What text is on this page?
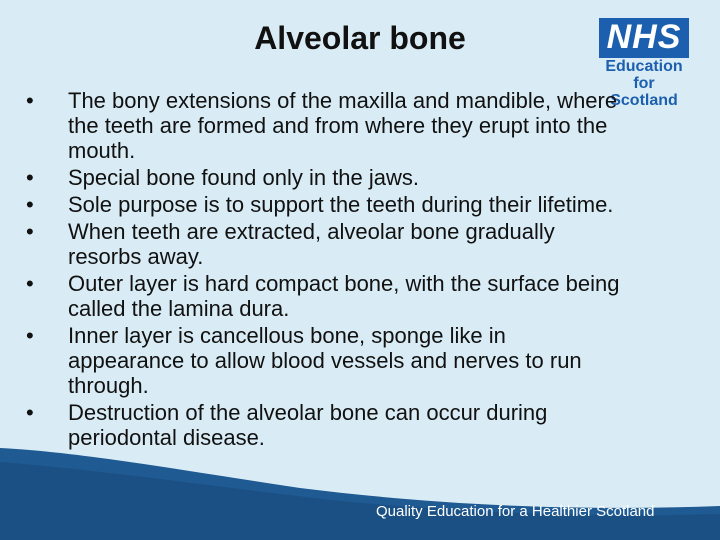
Alveolar bone	NHS
Education
for
Scotland
• The bony extensions of the maxilla and mandible, where the teeth are formed and from where they erupt into the mouth.
• Special bone found only in the jaws.
• Sole purpose is to support the teeth during their lifetime.
• When teeth are extracted, alveolar bone gradually resorbs away.
• Outer layer is hard compact bone, with the surface being called the lamina dura.
• Inner layer is cancellous bone, sponge like in appearance to allow blood vessels and nerves to run through.
• Destruction of the alveolar bone can occur during periodontal disease.
Quality Education for a Healthier Scotland
